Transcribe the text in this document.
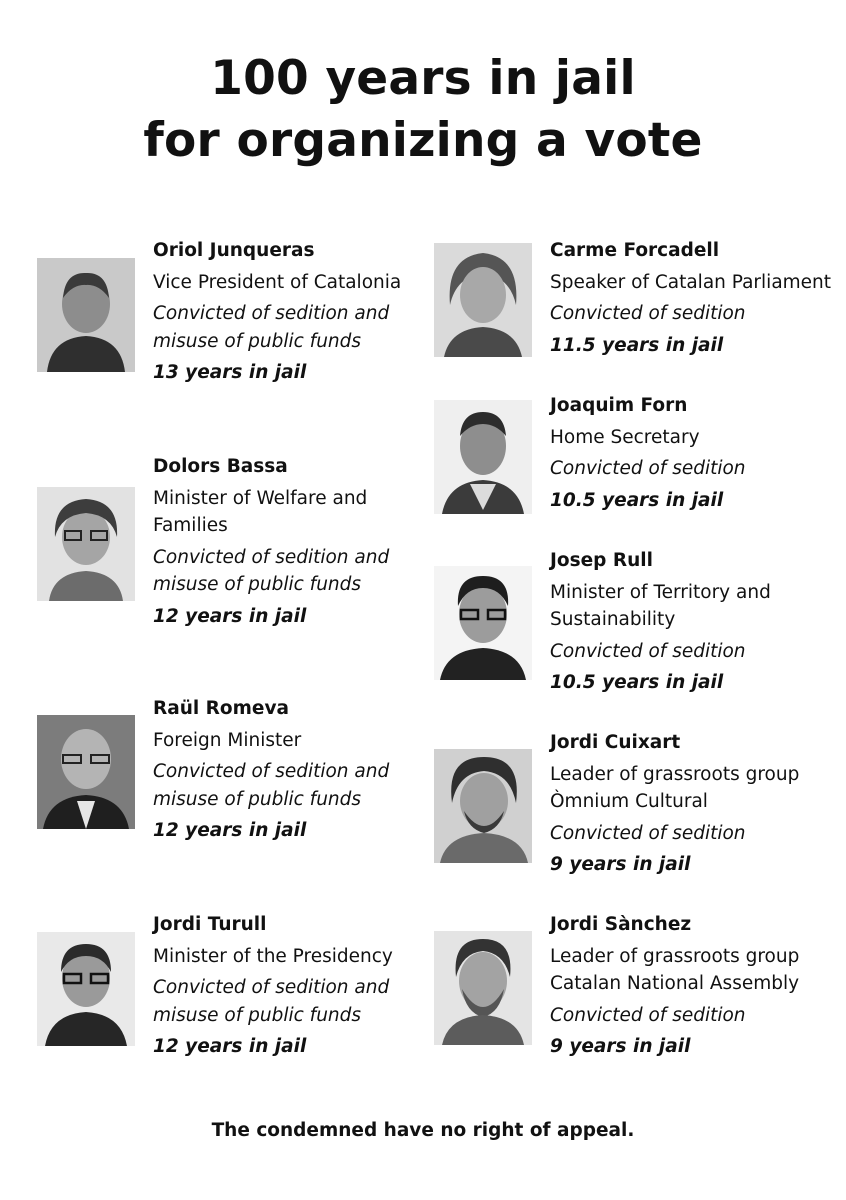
100 years in jail
for organizing a vote
Oriol Junqueras
Vice President of Catalonia
Convicted of sedition and
misuse of public funds
13 years in jail
Dolors Bassa
Minister of Welfare and
Families
Convicted of sedition and
misuse of public funds
12 years in jail
Raül Romeva
Foreign Minister
Convicted of sedition and
misuse of public funds
12 years in jail
Jordi Turull
Minister of the Presidency
Convicted of sedition and
misuse of public funds
12 years in jail
Carme Forcadell
Speaker of Catalan Parliament
Convicted of sedition
11.5 years in jail
Joaquim Forn
Home Secretary
Convicted of sedition
10.5 years in jail
Josep Rull
Minister of Territory and
Sustainability
Convicted of sedition
10.5 years in jail
Jordi Cuixart
Leader of grassroots group
Òmnium Cultural
Convicted of sedition
9 years in jail
Jordi Sànchez
Leader of grassroots group
Catalan National Assembly
Convicted of sedition
9 years in jail
The condemned have no right of appeal.
